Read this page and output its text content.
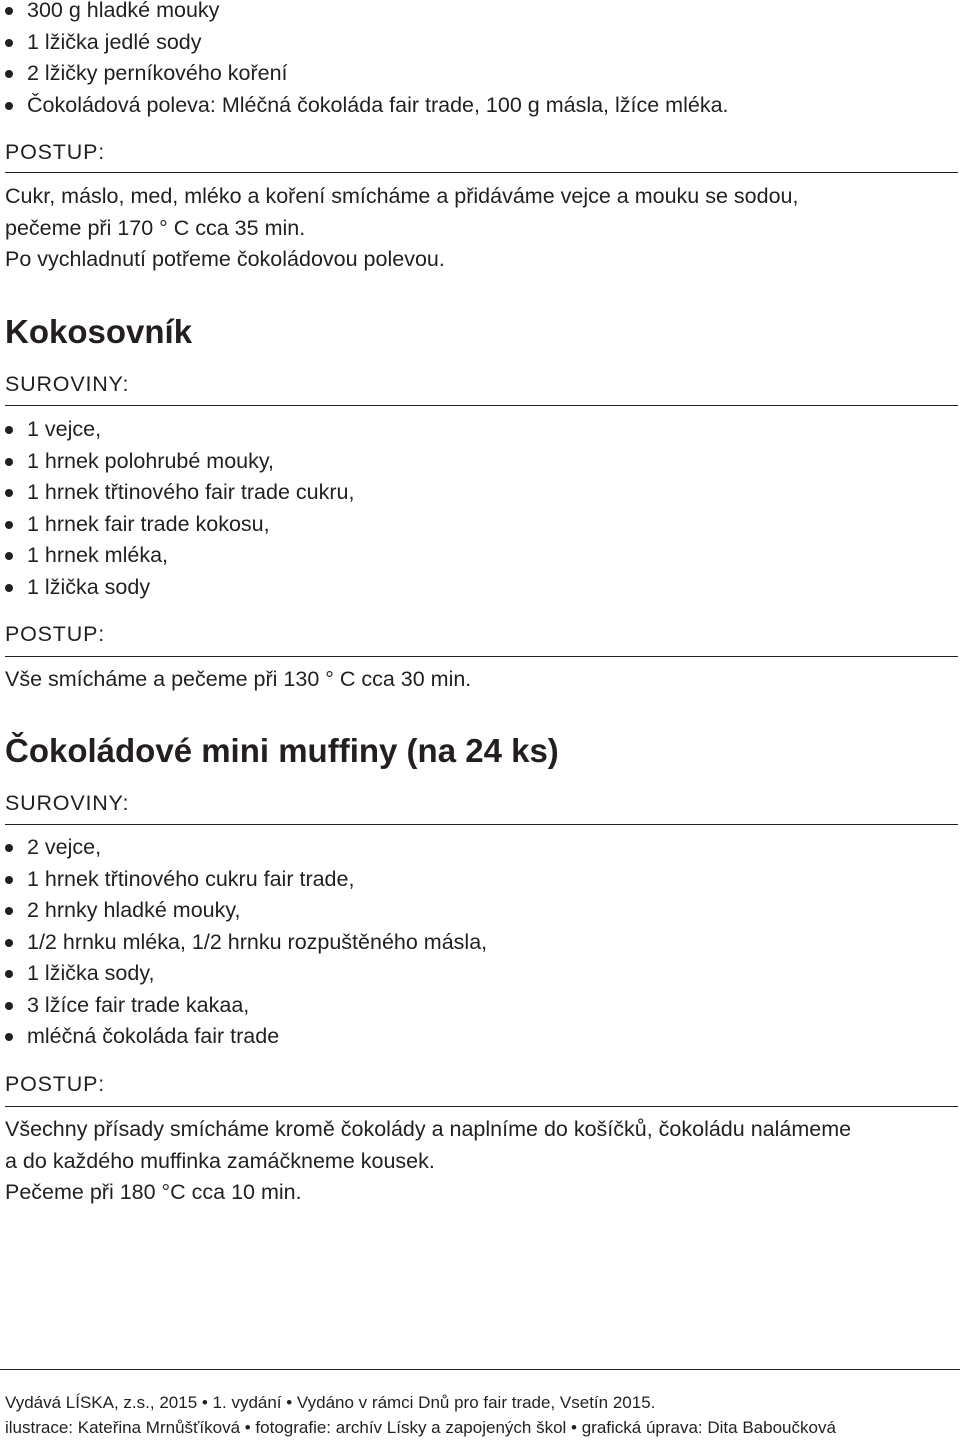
300 g hladké mouky
1 lžička jedlé sody
2 lžičky perníkového koření
Čokoládová poleva: Mléčná čokoláda fair trade, 100 g másla, lžíce mléka.
POSTUP:
Cukr, máslo, med, mléko a koření smícháme a přidáváme vejce a mouku se sodou,
pečeme při 170 ° C cca 35 min.
Po vychladnutí potřeme čokoládovou polevou.
Kokosovník
SUROVINY:
1 vejce,
1 hrnek polohrubé mouky,
1 hrnek třtinového fair trade cukru,
1 hrnek fair trade kokosu,
1 hrnek mléka,
1 lžička sody
POSTUP:
Vše smícháme a pečeme při 130 ° C cca 30 min.
Čokoládové mini muffiny (na 24 ks)
SUROVINY:
2 vejce,
1 hrnek třtinového cukru fair trade,
2 hrnky hladké mouky,
1/2 hrnku mléka, 1/2 hrnku rozpuštěného másla,
1 lžička sody,
3 lžíce fair trade kakaa,
mléčná čokoláda fair trade
POSTUP:
Všechny přísady smícháme kromě čokolády a naplníme do košíčků, čokoládu nalámeme
a do každého muffinka zamáčkneme kousek.
Pečeme při 180 °C cca 10 min.
Vydává LÍSKA, z.s., 2015 • 1. vydání • Vydáno v rámci Dnů pro fair trade, Vsetín 2015.
ilustrace: Kateřina Mrnůšťíková • fotografie: archív Lísky a zapojených škol • grafická úprava: Dita Baboučková
